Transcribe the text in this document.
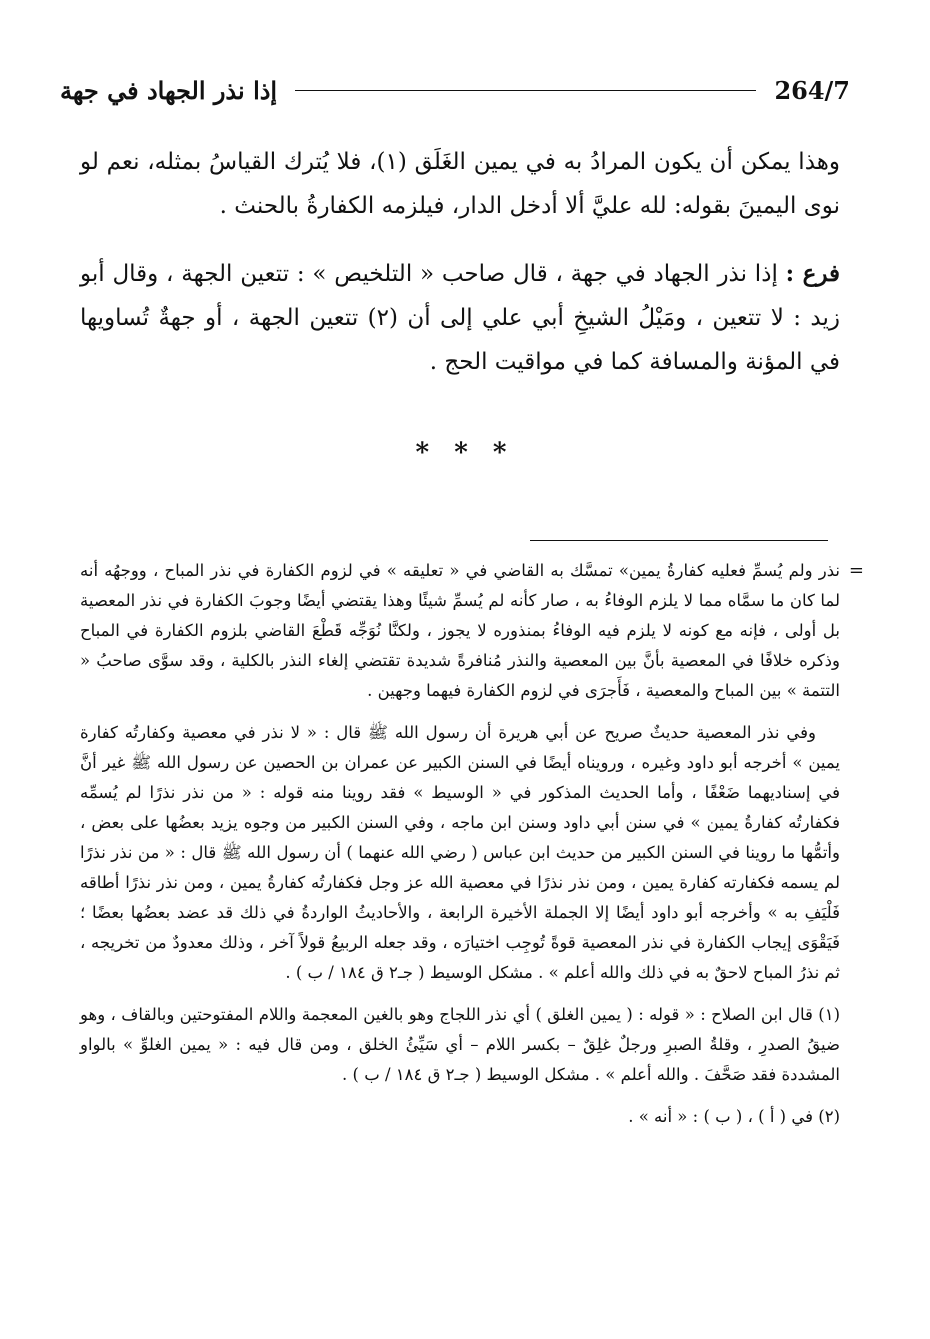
إذا نذر الجهاد في جهة	264/7

وهذا يمكن أن يكون المرادُ به في يمين الغَلَق (١)، فلا يُترك القياسُ بمثله، نعم لو نوى اليمينَ بقوله: لله عليَّ ألا أدخل الدار، فيلزمه الكفارةُ بالحنث .

فرع : إذا نذر الجهاد في جهة ، قال صاحب « التلخيص » : تتعين الجهة ، وقال أبو زيد : لا تتعين ، ومَيْلُ الشيخِ أبي علي إلى أن (٢) تتعين الجهة ، أو جهةٌ تُساويها في المؤنة والمسافة كما في مواقيت الحج .

* * *
=

نذر ولم يُسمِّ فعليه كفارةُ يمين» تمسَّك به القاضي في « تعليقه » في لزوم الكفارة في نذر المباح ، ووجهُه أنه لما كان ما سمَّاه مما لا يلزم الوفاءُ به ، صار كأنه لم يُسمِّ شيئًا وهذا يقتضي أيضًا وجوبَ الكفارة في نذر المعصية بل أولى ، فإنه مع كونه لا يلزم فيه الوفاءُ بمنذوره لا يجوز ، ولكنَّا نُوَجِّه قَطْعَ القاضي بلزوم الكفارة في المباح وذكره خلافًا في المعصية بأنَّ بين المعصية والنذر مُنافرةً شديدة تقتضي إلغاء النذر بالكلية ، وقد سوَّى صاحبُ « التتمة » بين المباح والمعصية ، فَأَجرَى في لزوم الكفارة فيهما وجهين .

وفي نذر المعصية حديثٌ صريح عن أبي هريرة أن رسول الله ﷺ قال : « لا نذر في معصية وكفارتُه كفارة يمين » أخرجه أبو داود وغيره ، ورويناه أيضًا في السنن الكبير عن عمران بن الحصين عن رسول الله ﷺ غير أنَّ في إسناديهما ضَعْفًا ، وأما الحديث المذكور في « الوسيط » فقد روينا منه قوله : « من نذر نذرًا لم يُسمِّه فكفارتُه كفارةُ يمين » في سنن أبي داود وسنن ابن ماجه ، وفي السنن الكبير من وجوه يزيد بعضُها على بعض ، وأتمُّها ما روينا في السنن الكبير من حديث ابن عباس ( رضي الله عنهما ) أن رسول الله ﷺ قال : « من نذر نذرًا لم يسمه فكفارته كفارة يمين ، ومن نذر نذرًا في معصية الله عز وجل فكفارتُه كفارةُ يمين ، ومن نذر نذرًا أطاقه فَلْيَفِ به » وأخرجه أبو داود أيضًا إلا الجملة الأخيرة الرابعة ، والأحاديثُ الواردةُ في ذلك قد عضد بعضُها بعضًا ؛ فَيَقْوَى إيجاب الكفارة في نذر المعصية قوةً تُوجِب اختيارَه ، وقد جعله الربيعُ قولاً آخر ، وذلك معدودٌ من تخريجه ، ثم نذرُ المباح لاحقٌ به في ذلك والله أعلم » . مشكل الوسيط ( جـ٢ ق ١٨٤ / ب ) .

(١) قال ابن الصلاح : « قوله : ( يمين الغلق ) أي نذر اللجاج وهو بالغين المعجمة واللام المفتوحتين وبالقاف ، وهو ضيقُ الصدرِ ، وقلةُ الصبرِ ورجلٌ غلِقٌ – بكسر اللام – أي سَيِّئُ الخلق ، ومن قال فيه : « يمين الغلوِّ » بالواو المشددة فقد صَحَّفَ . والله أعلم » . مشكل الوسيط ( جـ٢ ق ١٨٤ / ب ) .

(٢) في ( أ ) ، ( ب ) : « أنه » .
